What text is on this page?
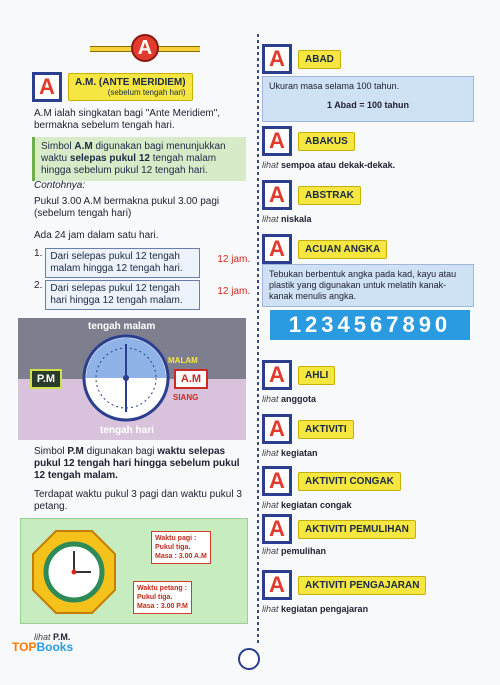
A
A	A.M. (ANTE MERIDIEM)
(sebelum tengah hari)

A.M ialah singkatan bagi "Ante Meridiem", bermakna sebelum tengah hari.

Simbol A.M digunakan bagi menunjukkan waktu selepas pukul 12 tengah malam hingga sebelum pukul 12 tengah hari.

Contohnya:

Pukul 3.00 A.M bermakna pukul 3.00 pagi (sebelum tengah hari)

Ada 24 jam dalam satu hari.

1. Dari selepas pukul 12 tengah malam hingga 12 tengah hari.
12 jam.
2. Dari selepas pukul 12 tengah hari hingga 12 tengah malam.
12 jam.
tengah malam
MALAM
SIANG
tengah hari
P.M	A.M

Simbol P.M digunakan bagi waktu selepas pukul 12 tengah hari hingga sebelum pukul 12 tengah malam.

Terdapat waktu pukul 3 pagi dan waktu pukul 3 petang.

Waktu pagi :
Pukul tiga.
Masa : 3.00 A.M
Waktu petang :
Pukul tiga.
Masa : 3.00 P.M

lihat P.M.

A	ABAD
Ukuran masa selama 100 tahun.
1 Abad = 100 tahun
A	ABAKUS

lihat sempoa atau dekak-dekak.

A	ABSTRAK

lihat niskala

A	ACUAN ANGKA
Tebukan berbentuk angka pada kad, kayu atau plastik yang digunakan untuk melatih kanak-kanak menulis angka.
1234567890
A	AHLI

lihat anggota

A	AKTIVITI

lihat kegiatan

A	AKTIVITI CONGAK

lihat kegiatan congak

A	AKTIVITI PEMULIHAN

lihat pemulihan

A	AKTIVITI PENGAJARAN

lihat kegiatan pengajaran

TOPBooks
